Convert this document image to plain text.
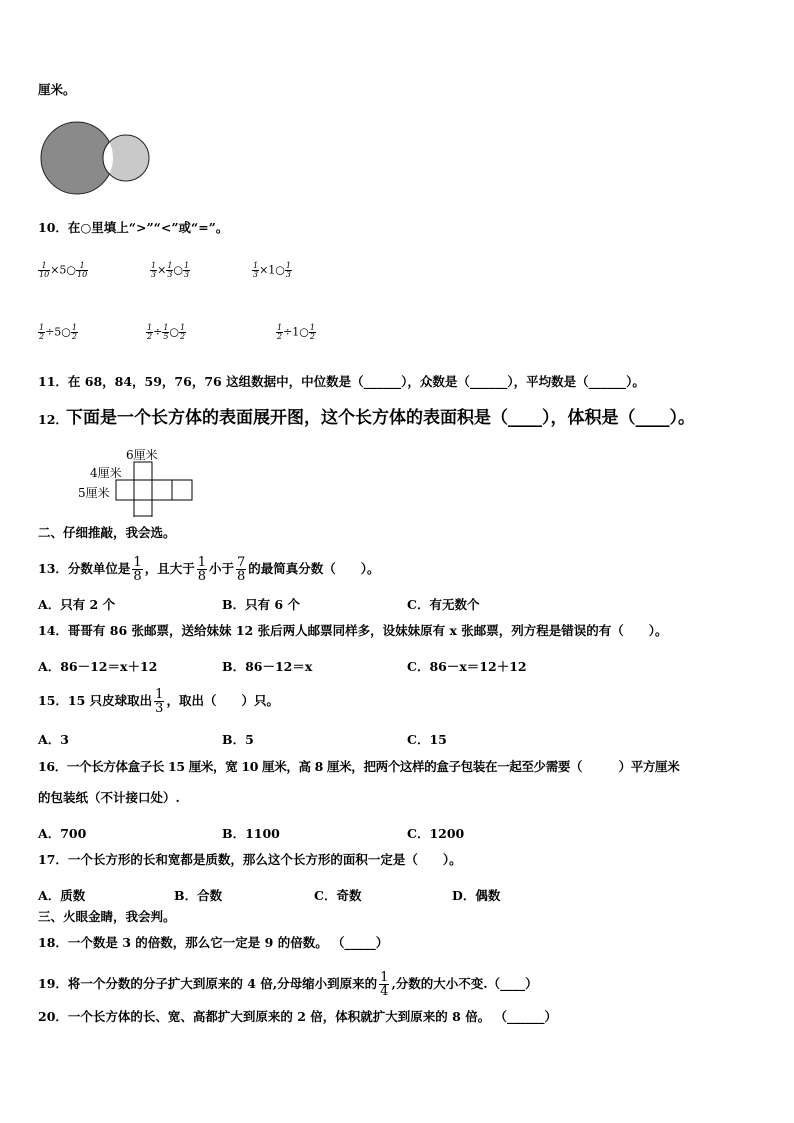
厘米。
10．在○里填上“>”“<”或“=”。
$\frac{1}{10}$ ×5○ $\frac{1}{10}$	$\frac{1}{3} \times \frac{1}{3}$ ○ $\frac{1}{3}$	$\frac{1}{3}$ ×1○ $\frac{1}{3}$
$\frac{1}{2}$ ÷5○ $\frac{1}{2}$	$\frac{1}{2} \div \frac{1}{5}$ ○ $\frac{1}{2}$	$\frac{1}{2}$ ÷1○ $\frac{1}{2}$
11．在 68，84，59，76，76 这组数据中，中位数是（______），众数是（______），平均数是（______）。
12．
下面是一个长方体的表面展开图，这个长方体的表面积是（____），体积是（____）。
6厘米
4厘米
5厘米
二、仔细推敲，我会选。
13．分数单位是 $\frac{1}{8}$ ，且大于 $\frac{1}{8}$ 小于 $\frac{7}{8}$ 的最简真分数（　　）。
A．只有 2 个	B．只有 6 个	C．有无数个
14．哥哥有 86 张邮票，送给妹妹 12 张后两人邮票同样多，设妹妹原有 x 张邮票，列方程是错误的有（　　）。
A．86－12＝x＋12	B．86－12＝x	C．86－x＝12＋12
15．15 只皮球取出 $\frac{1}{3}$ ，取出（　　）只。
A．3	B．5	C．15
16．一个长方体盒子长 15 厘米，宽 10 厘米，高 8 厘米，把两个这样的盒子包装在一起至少需要（　　　）平方厘米
的包装纸（不计接口处）.
A．700	B．1100	C．1200
17．一个长方形的长和宽都是质数，那么这个长方形的面积一定是（　　）。
A．质数	B．合数	C．奇数	D．偶数
三、火眼金睛，我会判。
18．一个数是 3 的倍数，那么它一定是 9 的倍数。 （_____）
19．将一个分数的分子扩大到原来的 4 倍,分母缩小到原来的 $\frac{1}{4}$ ,分数的大小不变.（____）
20．一个长方体的长、宽、高都扩大到原来的 2 倍，体积就扩大到原来的 8 倍。 （______）
